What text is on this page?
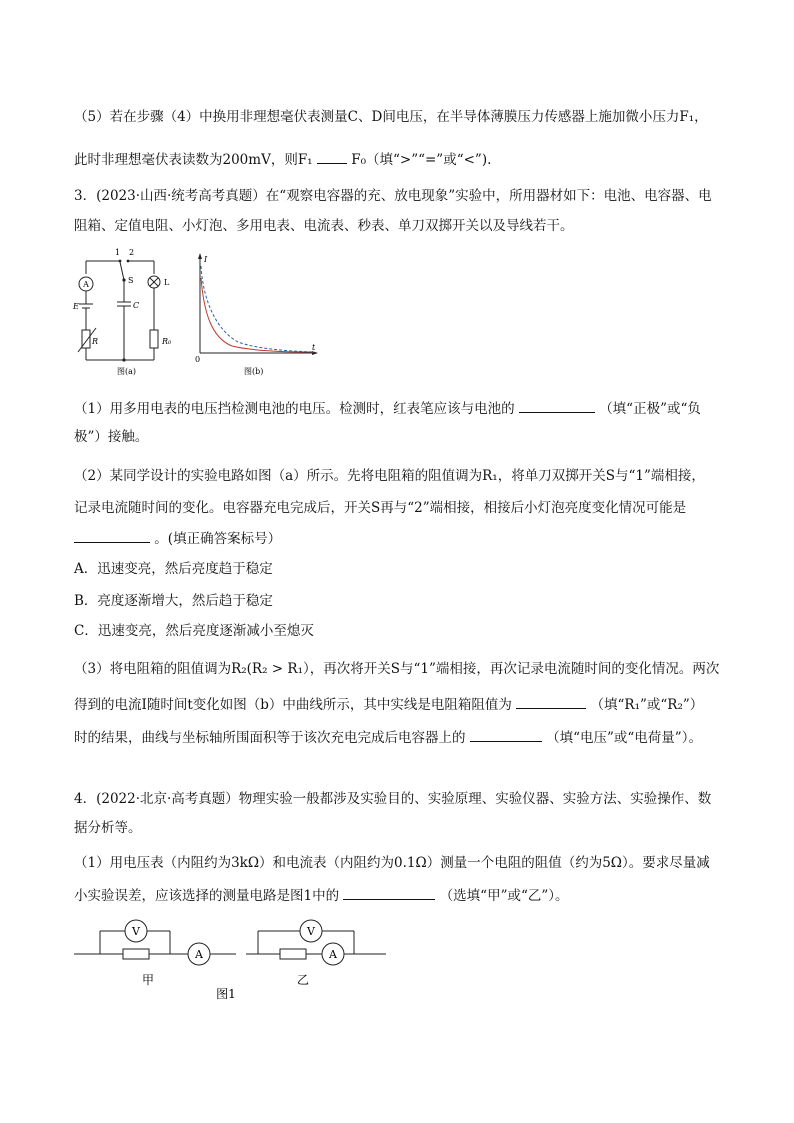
（5）若在步骤（4）中换用非理想毫伏表测量C、D间电压，在半导体薄膜压力传感器上施加微小压力F₁，
此时非理想毫伏表读数为200mV，则F₁	F₀（填“>”“=”或“<”).
3．(2023·山西·统考高考真题）在“观察电容器的充、放电现象”实验中，所用器材如下：电池、电容器、电
阻箱、定值电阻、小灯泡、多用电表、电流表、秒表、单刀双掷开关以及导线若干。
A
1 2
S
C
E
R
L
R₀
图(a)
I
t
0
图(b)
（1）用多用电表的电压挡检测电池的电压。检测时，红表笔应该与电池的	（填“正极”或“负
极”）接触。
（2）某同学设计的实验电路如图（a）所示。先将电阻箱的阻值调为R₁，将单刀双掷开关S与“1”端相接，
记录电流随时间的变化。电容器充电完成后，开关S再与“2”端相接，相接后小灯泡亮度变化情况可能是
。(填正确答案标号）
A．迅速变亮，然后亮度趋于稳定
B．亮度逐渐增大，然后趋于稳定
C．迅速变亮，然后亮度逐渐减小至熄灭
（3）将电阻箱的阻值调为R₂(R₂ > R₁），再次将开关S与“1”端相接，再次记录电流随时间的变化情况。两次
得到的电流I随时间t变化如图（b）中曲线所示，其中实线是电阻箱阻值为	（填“R₁”或“R₂”）
时的结果，曲线与坐标轴所围面积等于该次充电完成后电容器上的	（填“电压”或“电荷量”）。
4．(2022·北京·高考真题）物理实验一般都涉及实验目的、实验原理、实验仪器、实验方法、实验操作、数
据分析等。
（1）用电压表（内阻约为3kΩ）和电流表（内阻约为0.1Ω）测量一个电阻的阻值（约为5Ω）。要求尽量减
小实验误差，应该选择的测量电路是图1中的	（选填“甲”或“乙”）。
V
A
V
A
甲	乙
图1
